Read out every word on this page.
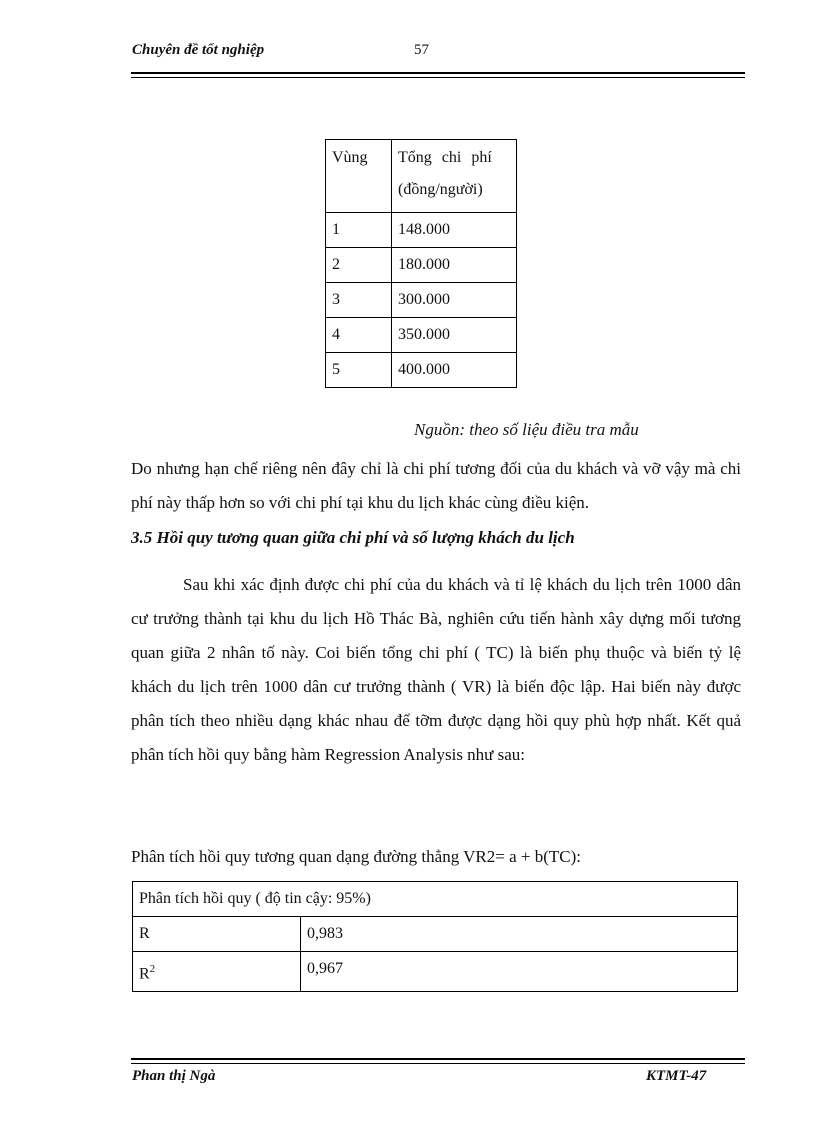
Chuyên đề tốt nghiệp	57
Vùng	Tổng chi phí
(đồng/người)

1	148.000
2	180.000
3	300.000
4	350.000
5	400.000
Nguồn: theo số liệu điều tra mẫu
Do nhưng hạn chế riêng nên đây chỉ là chi phí tương đối của du khách và vỡ vậy mà chi phí này thấp hơn so với chi phí tại khu du lịch khác cùng điều kiện.
3.5 Hồi quy tương quan giữa chi phí và số lượng khách du lịch
Sau khi xác định được chi phí của du khách và tỉ lệ khách du lịch trên 1000 dân cư trưởng thành tại khu du lịch Hồ Thác Bà, nghiên cứu tiến hành xây dựng mối tương quan giữa 2 nhân tố này. Coi biến tổng chi phí ( TC) là biến phụ thuộc và biến tỷ lệ khách du lịch trên 1000 dân cư trưởng thành ( VR) là biến độc lập. Hai biến này được phân tích theo nhiều dạng khác nhau để tỡm được dạng hồi quy phù hợp nhất. Kết quả phân tích hồi quy bằng hàm Regression Analysis như sau:
Phân tích hồi quy tương quan dạng đường thẳng VR2= a + b(TC):
Phân tích hồi quy ( độ tin cậy: 95%)	
R	0,983
$R^2$	0,967
Phan thị Ngà	KTMT-47
